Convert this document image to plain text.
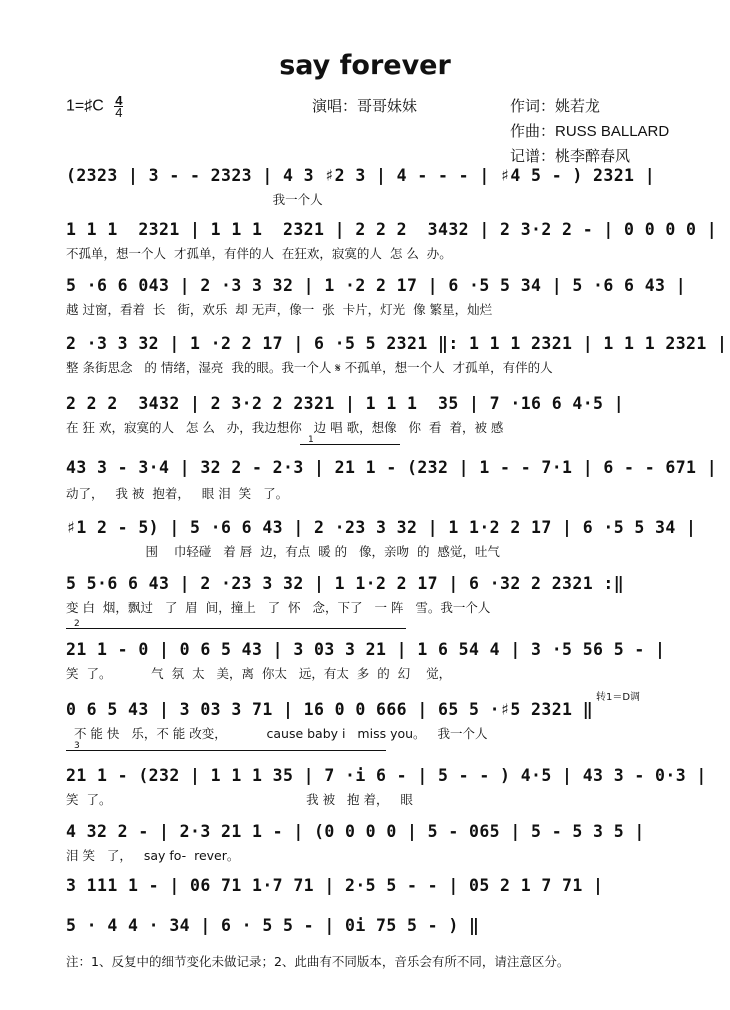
say forever
1=♯C $\frac{4}{4}$	演唱：哥哥妹妹	作词：姚若龙
作曲：RUSS BALLARD
记谱：桃李醉春风
1
2
3
转1＝D调
(2323 | 3 - - 2323 | 4 3 ♯2 3 | 4 - - - | ♯4 5 - ) 2321 |
我一个人
1 1 1  2321 | 1 1 1  2321 | 2 2 2  3432 | 2 3·2 2 - | 0 0 0 0 |
不孤单，想一个人  才孤单，有伴的人  在狂欢，寂寞的人  怎 么  办。
5 ·6 6 043 | 2 ·3 3 32 | 1 ·2 2 17 | 6 ·5 5 34 | 5 ·6 6 43 |
越 过窗，看着  长   街，欢乐  却 无声，像一  张  卡片，灯光  像 繁星，灿烂
2 ·3 3 32 | 1 ·2 2 17 | 6 ·5 5 2321 ‖: 1 1 1 2321 | 1 1 1 2321 |
整 条街思念   的 情绪，湿亮  我的眼。我一个人 𝄋 不孤单，想一个人  才孤单，有伴的人
2 2 2  3432 | 2 3·2 2 2321 | 1 1 1  35 | 7 ·16 6 4·5 |
在 狂 欢，寂寞的人   怎 么   办，我边想你   边 唱 歌，想像   你  看  着，被 感
43 3 - 3·4 | 32 2 - 2·3 | 21 1 - (232 | 1 - - 7·1 | 6 - - 671 |
动了，   我 被  抱着，   眼 泪  笑   了。
♯1 2 - 5) | 5 ·6 6 43 | 2 ·23 3 32 | 1 1·2 2 17 | 6 ·5 5 34 |
围    巾轻碰   着 唇  边，有点  暖 的   像，亲吻  的  感觉，吐气
5 5·6 6 43 | 2 ·23 3 32 | 1 1·2 2 17 | 6 ·32 2 2321 :‖
变 白  烟，飘过   了  眉  间，撞上   了  怀   念，下了   一 阵   雪。我一个人
21 1 - 0 | 0 6 5 43 | 3 03 3 21 | 1 6 54 4 | 3 ·5 56 5 - |
笑  了。          气  氛  太   美，离  你太   远，有太  多  的  幻    觉，
0 6 5 43 | 3 03 3 71 | 16 0 0 666 | 65 5 ·♯5 2321 ‖
不 能 快   乐，不 能 改变，          cause baby i   miss you。   我一个人
21 1 - (232 | 1 1 1 35 | 7 ·i 6 - | 5 - - ) 4·5 | 43 3 - 0·3 |
笑  了。                                                 我 被   抱 着，   眼
4 32 2 - | 2·3 21 1 - | (0 0 0 0 | 5 - 065 | 5 - 5 3 5 |
泪 笑   了，   say fo-  rever。
3 111 1 - | 06 71 1·7 71 | 2·5 5 - - | 05 2 1 7 71 |
5 · 4 4 · 34 | 6 · 5 5 - | 0i 75 5 - ) ‖
注：1、反复中的细节变化未做记录；2、此曲有不同版本，音乐会有所不同，请注意区分。
